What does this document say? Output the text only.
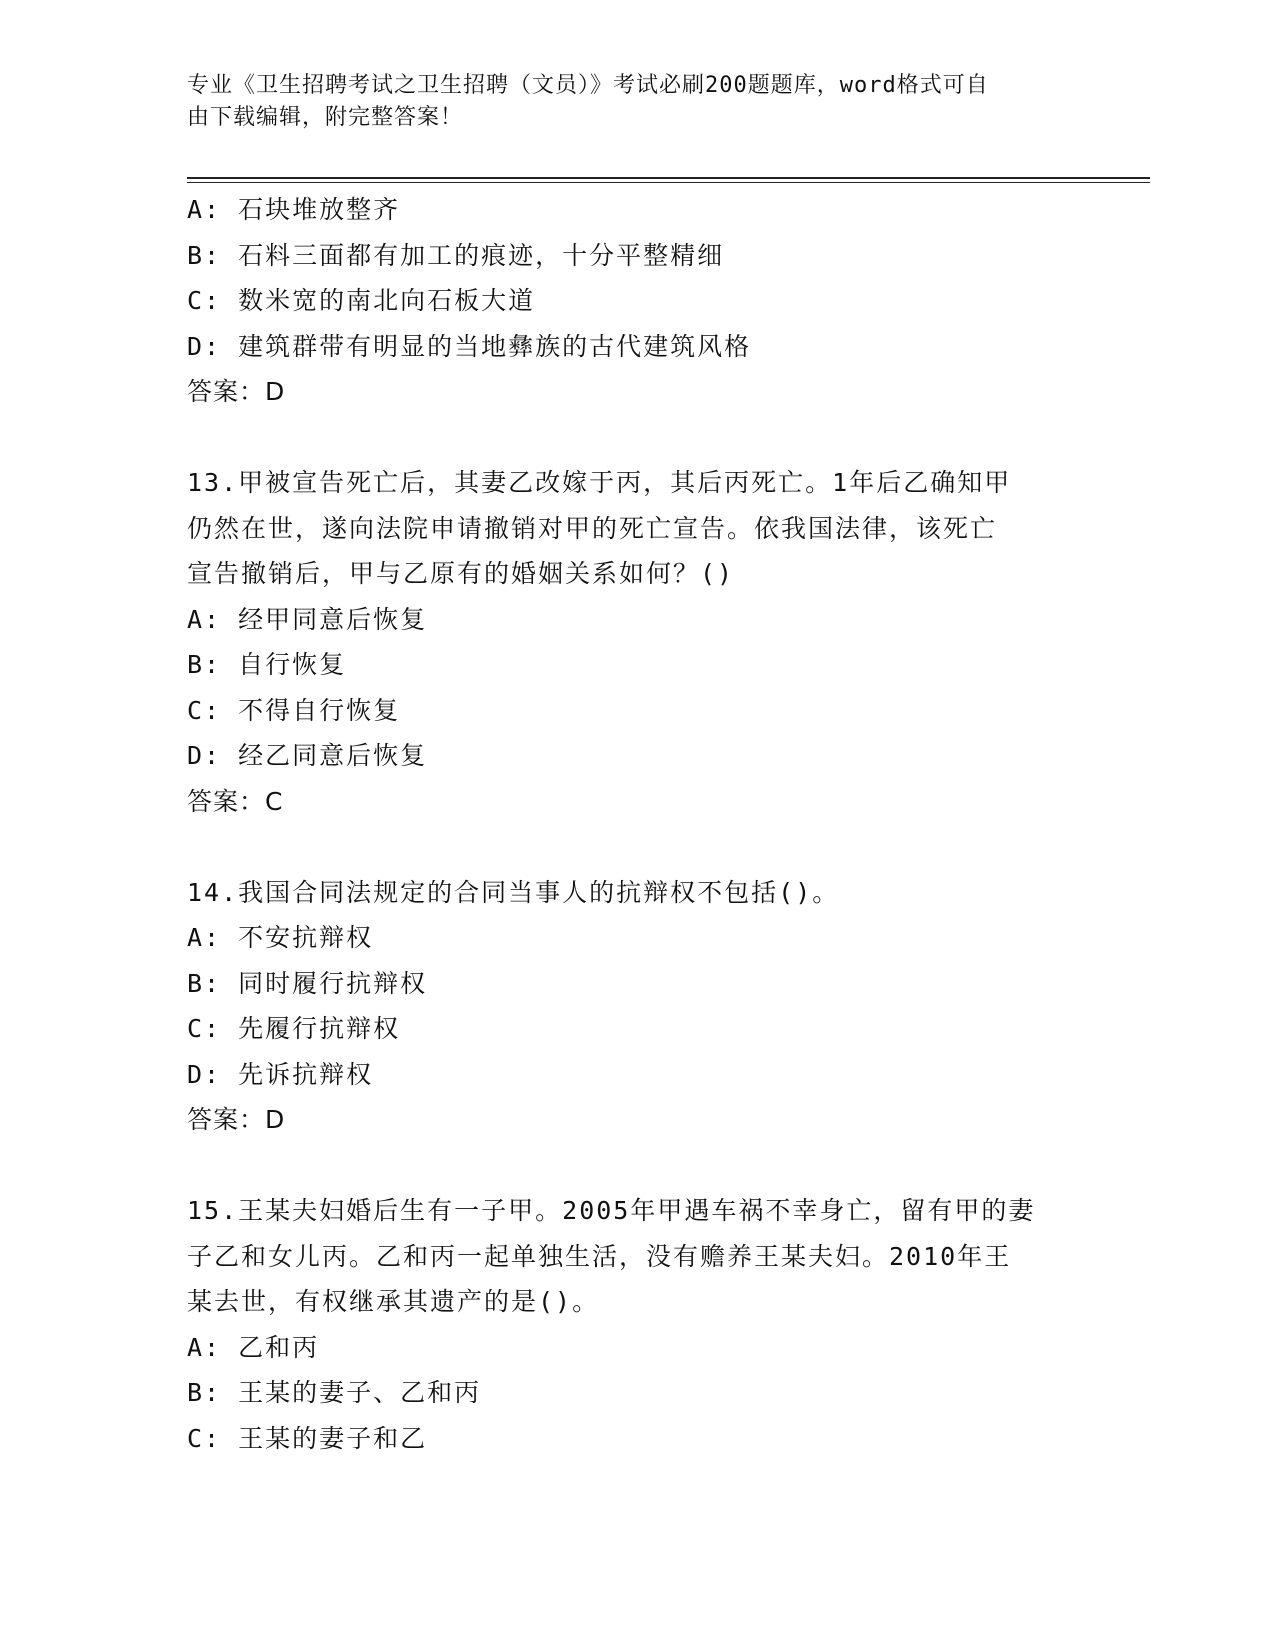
专业《卫生招聘考试之卫生招聘（文员）》考试必刷200题题库，word格式可自
由下载编辑，附完整答案！
A: 石块堆放整齐
B: 石料三面都有加工的痕迹，十分平整精细
C: 数米宽的南北向石板大道
D: 建筑群带有明显的当地彝族的古代建筑风格
答案：D
13.甲被宣告死亡后，其妻乙改嫁于丙，其后丙死亡。1年后乙确知甲
仍然在世，遂向法院申请撤销对甲的死亡宣告。依我国法律，该死亡
宣告撤销后，甲与乙原有的婚姻关系如何？()
A: 经甲同意后恢复
B: 自行恢复
C: 不得自行恢复
D: 经乙同意后恢复
答案：C
14.我国合同法规定的合同当事人的抗辩权不包括()。
A: 不安抗辩权
B: 同时履行抗辩权
C: 先履行抗辩权
D: 先诉抗辩权
答案：D
15.王某夫妇婚后生有一子甲。2005年甲遇车祸不幸身亡，留有甲的妻
子乙和女儿丙。乙和丙一起单独生活，没有赡养王某夫妇。2010年王
某去世，有权继承其遗产的是()。
A: 乙和丙
B: 王某的妻子、乙和丙
C: 王某的妻子和乙
